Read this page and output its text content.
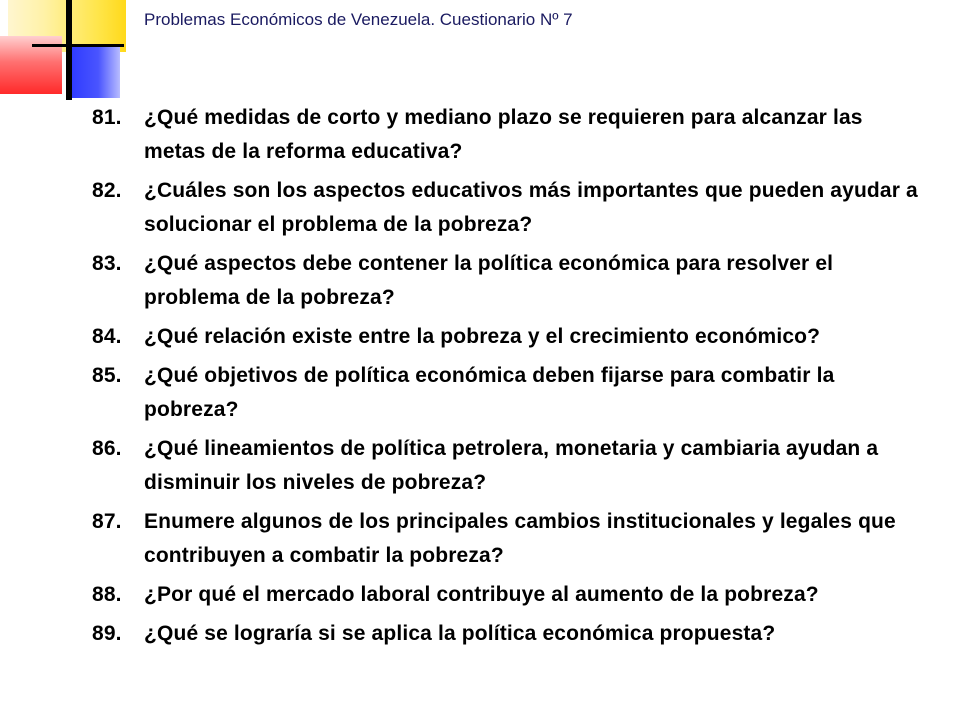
Problemas Económicos de Venezuela. Cuestionario Nº 7
81.	¿Qué medidas de corto y mediano plazo se requieren para alcanzar las metas de la reforma educativa?
82.	¿Cuáles son los aspectos educativos más importantes que pueden ayudar a solucionar el problema de la pobreza?
83.	¿Qué aspectos debe contener la política económica para resolver el problema de la pobreza?
84.	¿Qué relación existe entre la pobreza y el crecimiento económico?
85.	¿Qué objetivos de política económica deben fijarse para combatir la pobreza?
86.	¿Qué lineamientos de política petrolera, monetaria y cambiaria ayudan a disminuir los niveles de pobreza?
87.	Enumere algunos de los principales cambios institucionales y legales que contribuyen a combatir la pobreza?
88.	¿Por qué el mercado laboral contribuye al aumento de la pobreza?
89.	¿Qué se lograría si se aplica la política económica propuesta?
